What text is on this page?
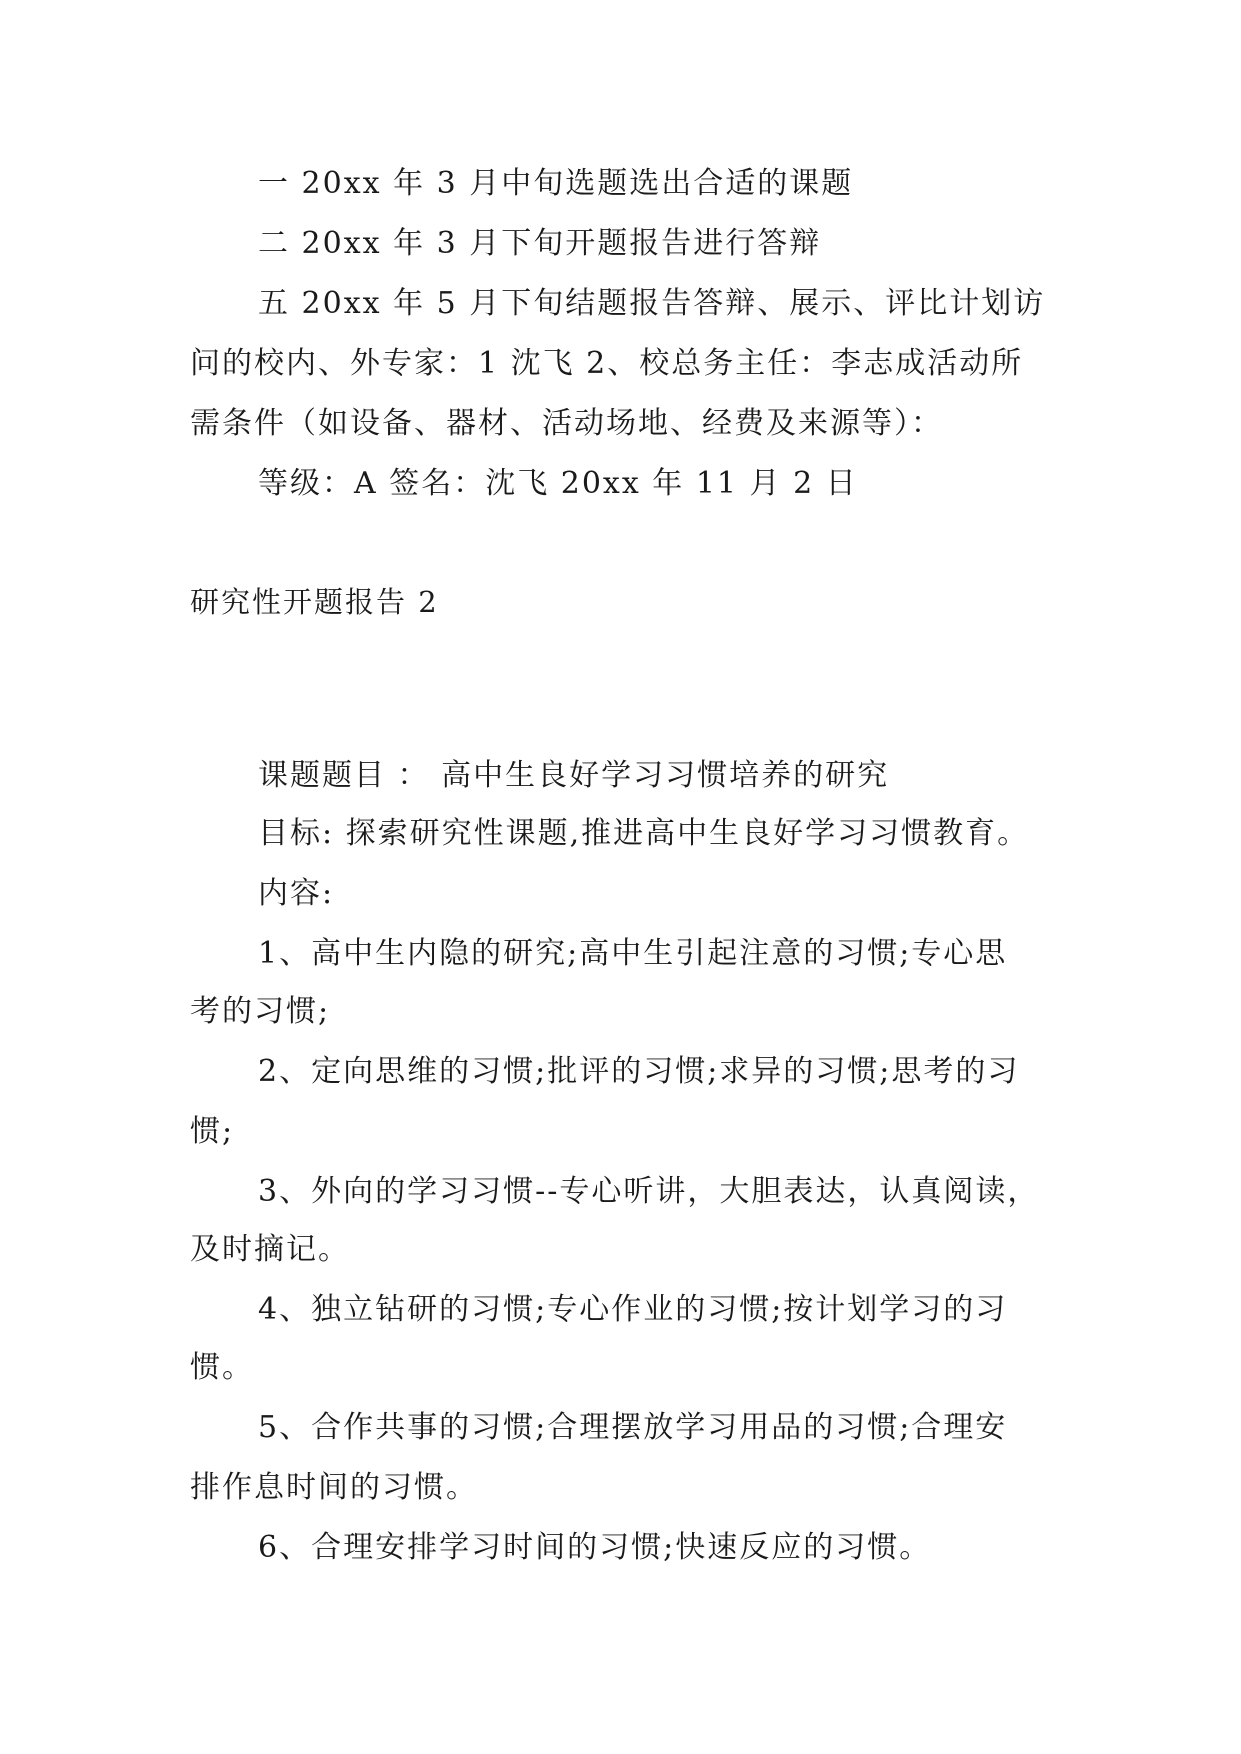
一 20xx 年 3 月中旬选题选出合适的课题
二 20xx 年 3 月下旬开题报告进行答辩
五 20xx 年 5 月下旬结题报告答辩、展示、评比计划访
问的校内、外专家：1 沈飞 2、校总务主任：李志成活动所
需条件（如设备、器材、活动场地、经费及来源等）：
等级：A 签名：沈飞 20xx 年 11 月 2 日
研究性开题报告 2
课题题目 ： 高中生良好学习习惯培养的研究
目标: 探索研究性课题,推进高中生良好学习习惯教育。
内容:
1、高中生内隐的研究;高中生引起注意的习惯;专心思
考的习惯;
2、定向思维的习惯;批评的习惯;求异的习惯;思考的习
惯;
3、外向的学习习惯--专心听讲，大胆表达，认真阅读，
及时摘记。
4、独立钻研的习惯;专心作业的习惯;按计划学习的习
惯。
5、合作共事的习惯;合理摆放学习用品的习惯;合理安
排作息时间的习惯。
6、合理安排学习时间的习惯;快速反应的习惯。
